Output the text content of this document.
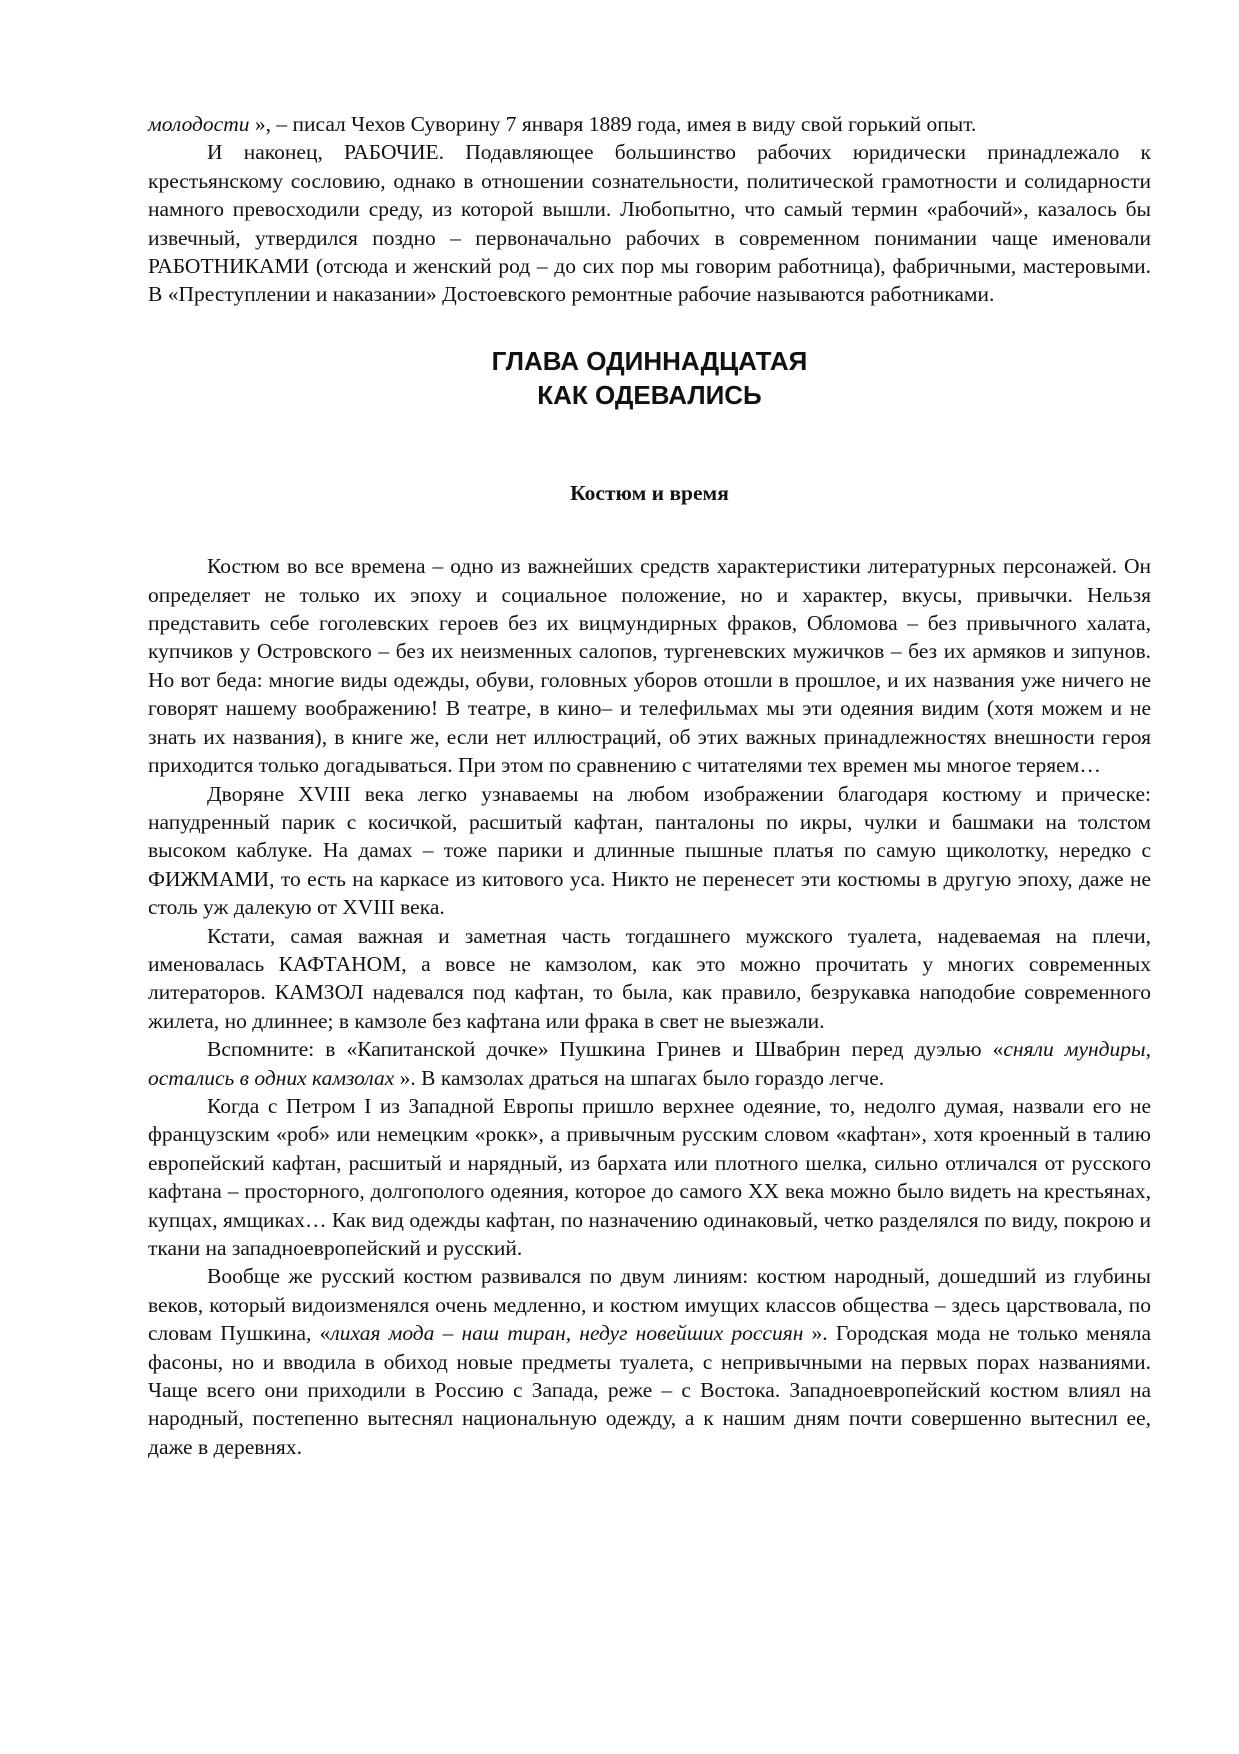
молодости », – писал Чехов Суворину 7 января 1889 года, имея в виду свой горький опыт.

И наконец, РАБОЧИЕ. Подавляющее большинство рабочих юридически принадлежало к крестьянскому сословию, однако в отношении сознательности, политической грамотности и солидарности намного превосходили среду, из которой вышли. Любопытно, что самый термин «рабочий», казалось бы извечный, утвердился поздно – первоначально рабочих в современном понимании чаще именовали РАБОТНИКАМИ (отсюда и женский род – до сих пор мы говорим работница), фабричными, мастеровыми. В «Преступлении и наказании» Достоевского ремонтные рабочие называются работниками.

ГЛАВА ОДИННАДЦАТАЯ
КАК ОДЕВАЛИСЬ
Костюм и время

Костюм во все времена – одно из важнейших средств характеристики литературных персонажей. Он определяет не только их эпоху и социальное положение, но и характер, вкусы, привычки. Нельзя представить себе гоголевских героев без их вицмундирных фраков, Обломова – без привычного халата, купчиков у Островского – без их неизменных салопов, тургеневских мужичков – без их армяков и зипунов. Но вот беда: многие виды одежды, обуви, головных уборов отошли в прошлое, и их названия уже ничего не говорят нашему воображению! В театре, в кино– и телефильмах мы эти одеяния видим (хотя можем и не знать их названия), в книге же, если нет иллюстраций, об этих важных принадлежностях внешности героя приходится только догадываться. При этом по сравнению с читателями тех времен мы многое теряем…

Дворяне XVIII века легко узнаваемы на любом изображении благодаря костюму и прическе: напудренный парик с косичкой, расшитый кафтан, панталоны по икры, чулки и башмаки на толстом высоком каблуке. На дамах – тоже парики и длинные пышные платья по самую щиколотку, нередко с ФИЖМАМИ, то есть на каркасе из китового уса. Никто не перенесет эти костюмы в другую эпоху, даже не столь уж далекую от XVIII века.

Кстати, самая важная и заметная часть тогдашнего мужского туалета, надеваемая на плечи, именовалась КАФТАНОМ, а вовсе не камзолом, как это можно прочитать у многих современных литераторов. КАМЗОЛ надевался под кафтан, то была, как правило, безрукавка наподобие современного жилета, но длиннее; в камзоле без кафтана или фрака в свет не выезжали.

Вспомните: в «Капитанской дочке» Пушкина Гринев и Швабрин перед дуэлью «сняли мундиры, остались в одних камзолах ». В камзолах драться на шпагах было гораздо легче.

Когда с Петром I из Западной Европы пришло верхнее одеяние, то, недолго думая, назвали его не французским «роб» или немецким «рокк», а привычным русским словом «кафтан», хотя кроенный в талию европейский кафтан, расшитый и нарядный, из бархата или плотного шелка, сильно отличался от русского кафтана – просторного, долгополого одеяния, которое до самого XX века можно было видеть на крестьянах, купцах, ямщиках… Как вид одежды кафтан, по назначению одинаковый, четко разделялся по виду, покрою и ткани на западноевропейский и русский.

Вообще же русский костюм развивался по двум линиям: костюм народный, дошедший из глубины веков, который видоизменялся очень медленно, и костюм имущих классов общества – здесь царствовала, по словам Пушкина, «лихая мода – наш тиран, недуг новейших россиян ». Городская мода не только меняла фасоны, но и вводила в обиход новые предметы туалета, с непривычными на первых порах названиями. Чаще всего они приходили в Россию с Запада, реже – с Востока. Западноевропейский костюм влиял на народный, постепенно вытеснял национальную одежду, а к нашим дням почти совершенно вытеснил ее, даже в деревнях.
